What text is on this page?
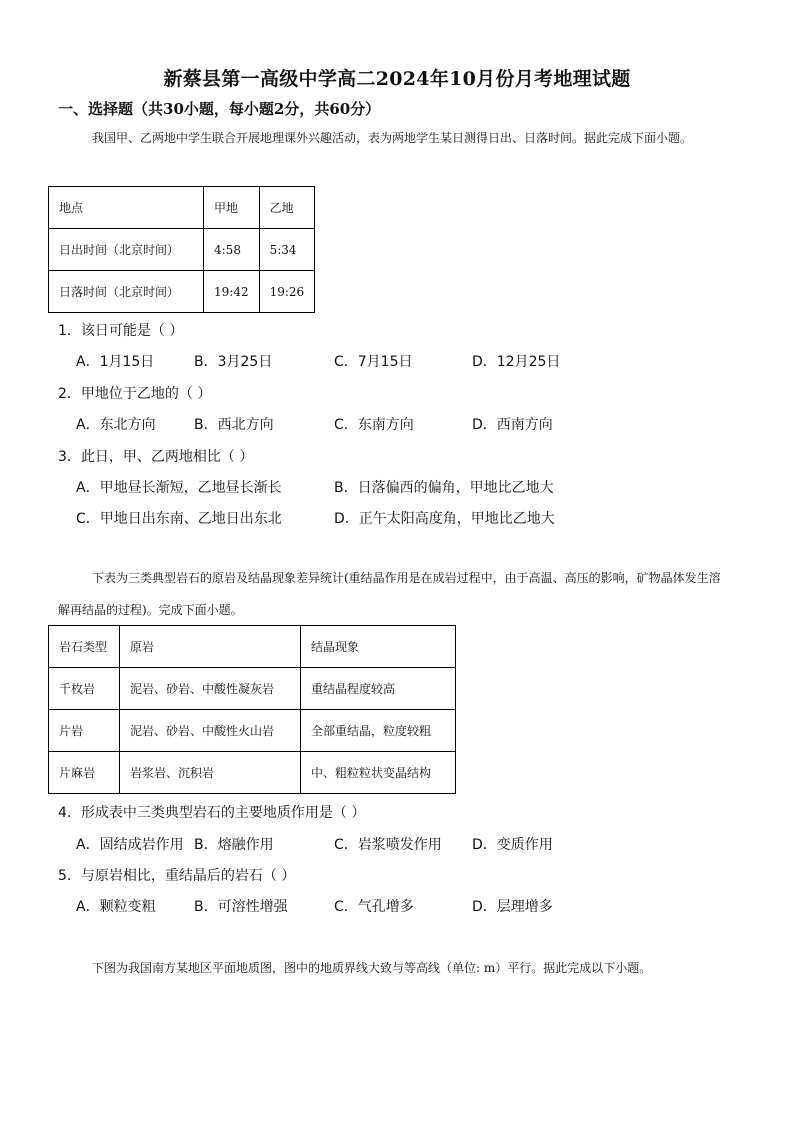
新蔡县第一高级中学高二2024年10月份月考地理试题
一、选择题（共30小题，每小题2分，共60分）
我国甲、乙两地中学生联合开展地理课外兴趣活动，表为两地学生某日测得日出、日落时间。据此完成下面小题。
地点	甲地	乙地
日出时间（北京时间）	4:58	5:34
日落时间（北京时间）	19:42	19:26
1．该日可能是（ ）
A．1月15日	B．3月25日	C．7月15日	D．12月25日
2．甲地位于乙地的（ ）
A．东北方向	B．西北方向	C．东南方向	D．西南方向
3．此日，甲、乙两地相比（ ）
A．甲地昼长渐短，乙地昼长渐长	B．日落偏西的偏角，甲地比乙地大
C．甲地日出东南、乙地日出东北	D．正午太阳高度角，甲地比乙地大
下表为三类典型岩石的原岩及结晶现象差异统计(重结晶作用是在成岩过程中，由于高温、高压的影响，矿物晶体发生溶解再结晶的过程)。完成下面小题。
岩石类型	原岩	结晶现象
千枚岩	泥岩、砂岩、中酸性凝灰岩	重结晶程度较高
片岩	泥岩、砂岩、中酸性火山岩	全部重结晶，粒度较粗
片麻岩	岩浆岩、沉积岩	中、粗粒粒状变晶结构
4．形成表中三类典型岩石的主要地质作用是（ ）
A．固结成岩作用 B．熔融作用	C．岩浆喷发作用 D．变质作用
5．与原岩相比，重结晶后的岩石（ ）
A．颗粒变粗	B．可溶性增强	C．气孔增多	D．层理增多
下图为我国南方某地区平面地质图，图中的地质界线大致与等高线（单位: m）平行。据此完成以下小题。
